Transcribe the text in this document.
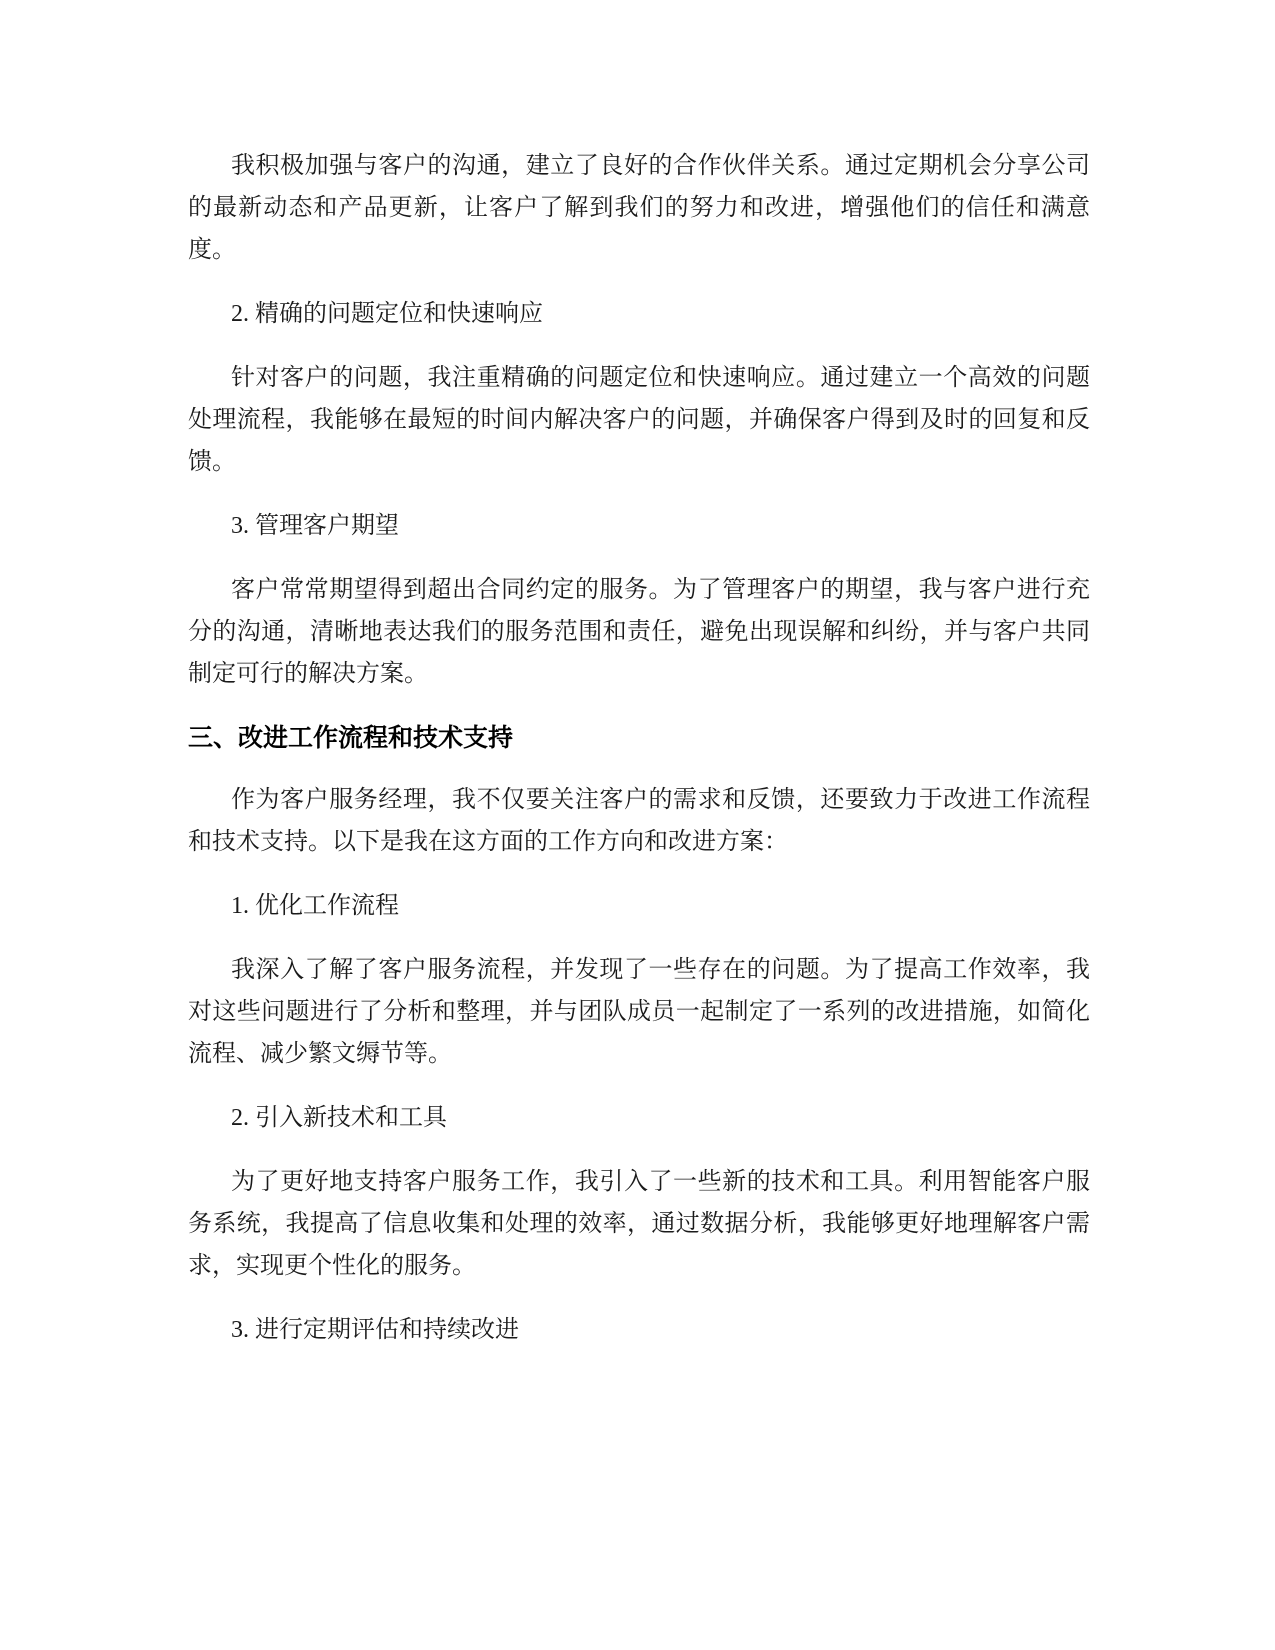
我积极加强与客户的沟通，建立了良好的合作伙伴关系。通过定期机会分享公司的最新动态和产品更新，让客户了解到我们的努力和改进，增强他们的信任和满意度。

2. 精确的问题定位和快速响应

针对客户的问题，我注重精确的问题定位和快速响应。通过建立一个高效的问题处理流程，我能够在最短的时间内解决客户的问题，并确保客户得到及时的回复和反馈。

3. 管理客户期望

客户常常期望得到超出合同约定的服务。为了管理客户的期望，我与客户进行充分的沟通，清晰地表达我们的服务范围和责任，避免出现误解和纠纷，并与客户共同制定可行的解决方案。

三、改进工作流程和技术支持

作为客户服务经理，我不仅要关注客户的需求和反馈，还要致力于改进工作流程和技术支持。以下是我在这方面的工作方向和改进方案：

1. 优化工作流程

我深入了解了客户服务流程，并发现了一些存在的问题。为了提高工作效率，我对这些问题进行了分析和整理，并与团队成员一起制定了一系列的改进措施，如简化流程、减少繁文缛节等。

2. 引入新技术和工具

为了更好地支持客户服务工作，我引入了一些新的技术和工具。利用智能客户服务系统，我提高了信息收集和处理的效率，通过数据分析，我能够更好地理解客户需求，实现更个性化的服务。

3. 进行定期评估和持续改进
